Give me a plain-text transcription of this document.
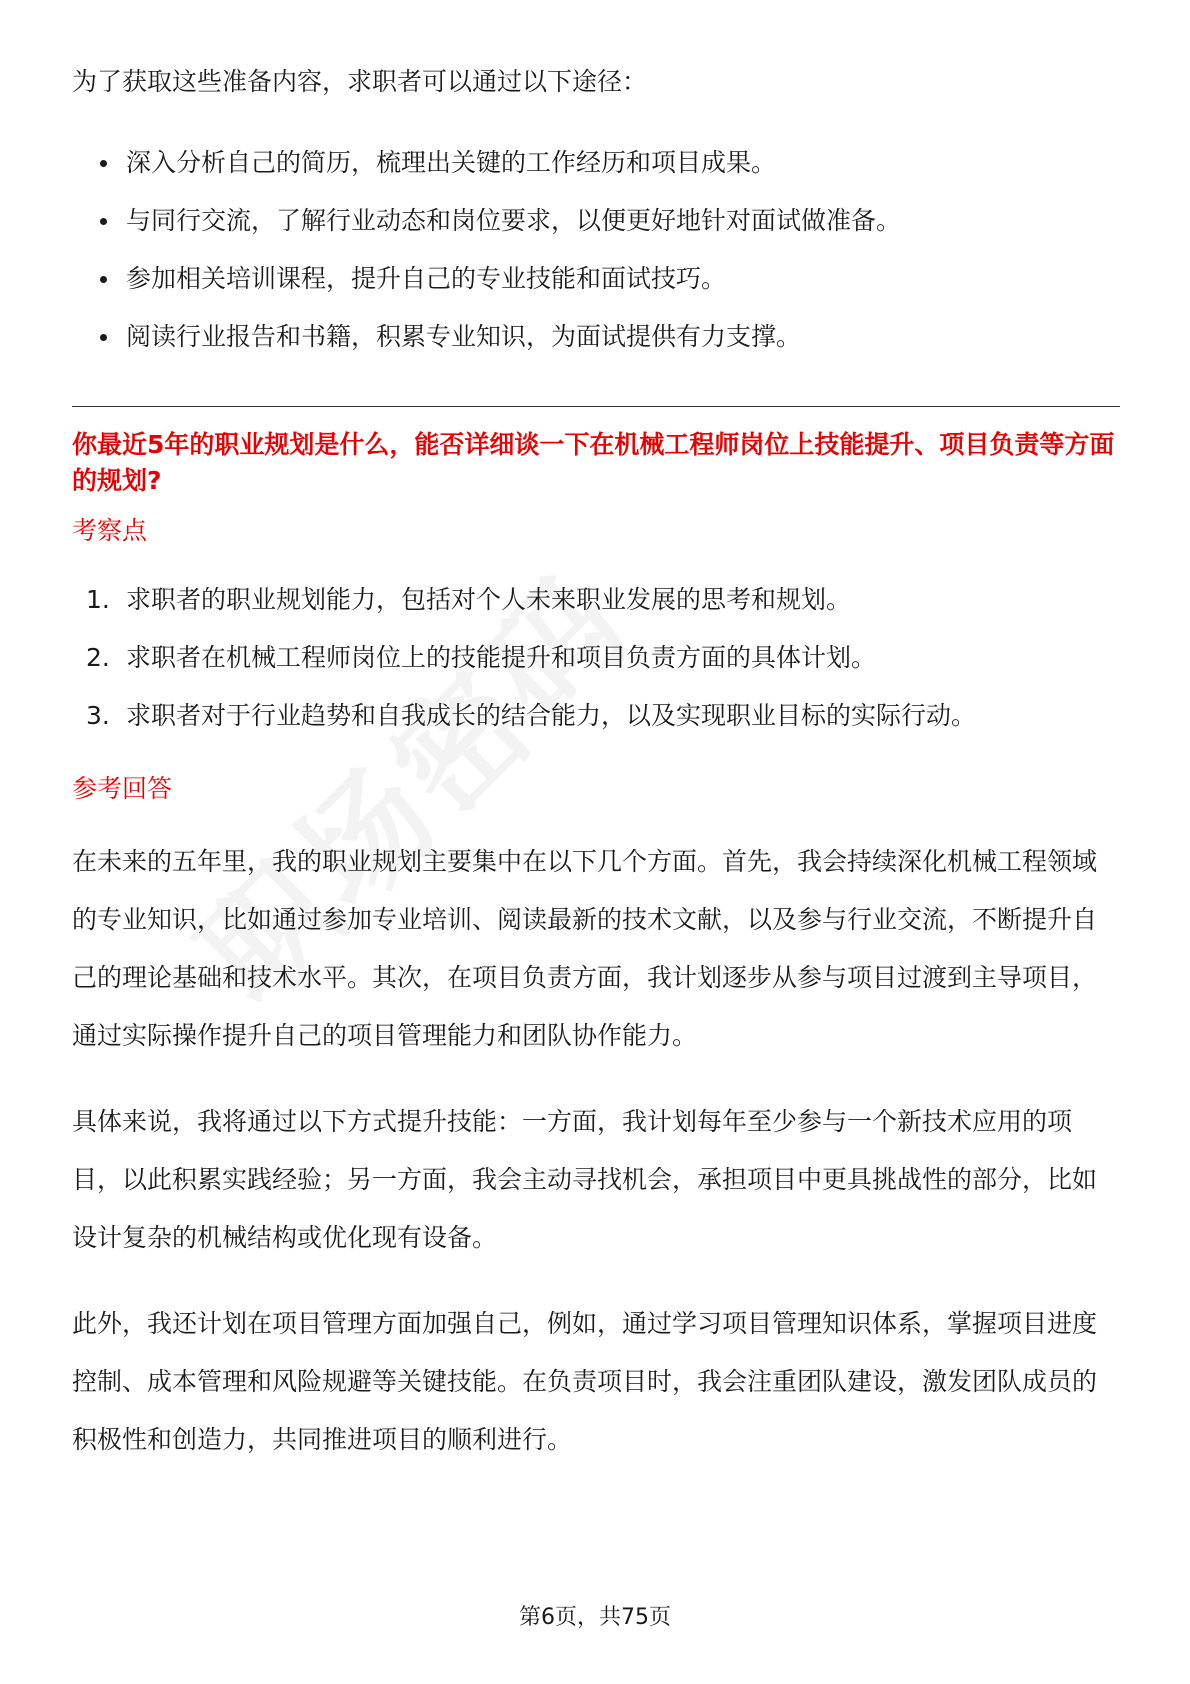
为了获取这些准备内容，求职者可以通过以下途径：

深入分析自己的简历，梳理出关键的工作经历和项目成果。
与同行交流，了解行业动态和岗位要求，以便更好地针对面试做准备。
参加相关培训课程，提升自己的专业技能和面试技巧。
阅读行业报告和书籍，积累专业知识，为面试提供有力支撑。
你最近5年的职业规划是什么，能否详细谈一下在机械工程师岗位上技能提升、项目负责等方面的规划?
考察点
1. 求职者的职业规划能力，包括对个人未来职业发展的思考和规划。
2. 求职者在机械工程师岗位上的技能提升和项目负责方面的具体计划。
3. 求职者对于行业趋势和自我成长的结合能力，以及实现职业目标的实际行动。
参考回答

在未来的五年里，我的职业规划主要集中在以下几个方面。首先，我会持续深化机械工程领域的专业知识，比如通过参加专业培训、阅读最新的技术文献，以及参与行业交流，不断提升自己的理论基础和技术水平。其次，在项目负责方面，我计划逐步从参与项目过渡到主导项目，通过实际操作提升自己的项目管理能力和团队协作能力。

具体来说，我将通过以下方式提升技能：一方面，我计划每年至少参与一个新技术应用的项目，以此积累实践经验；另一方面，我会主动寻找机会，承担项目中更具挑战性的部分，比如设计复杂的机械结构或优化现有设备。

此外，我还计划在项目管理方面加强自己，例如，通过学习项目管理知识体系，掌握项目进度控制、成本管理和风险规避等关键技能。在负责项目时，我会注重团队建设，激发团队成员的积极性和创造力，共同推进项目的顺利进行。

第6页，共75页
